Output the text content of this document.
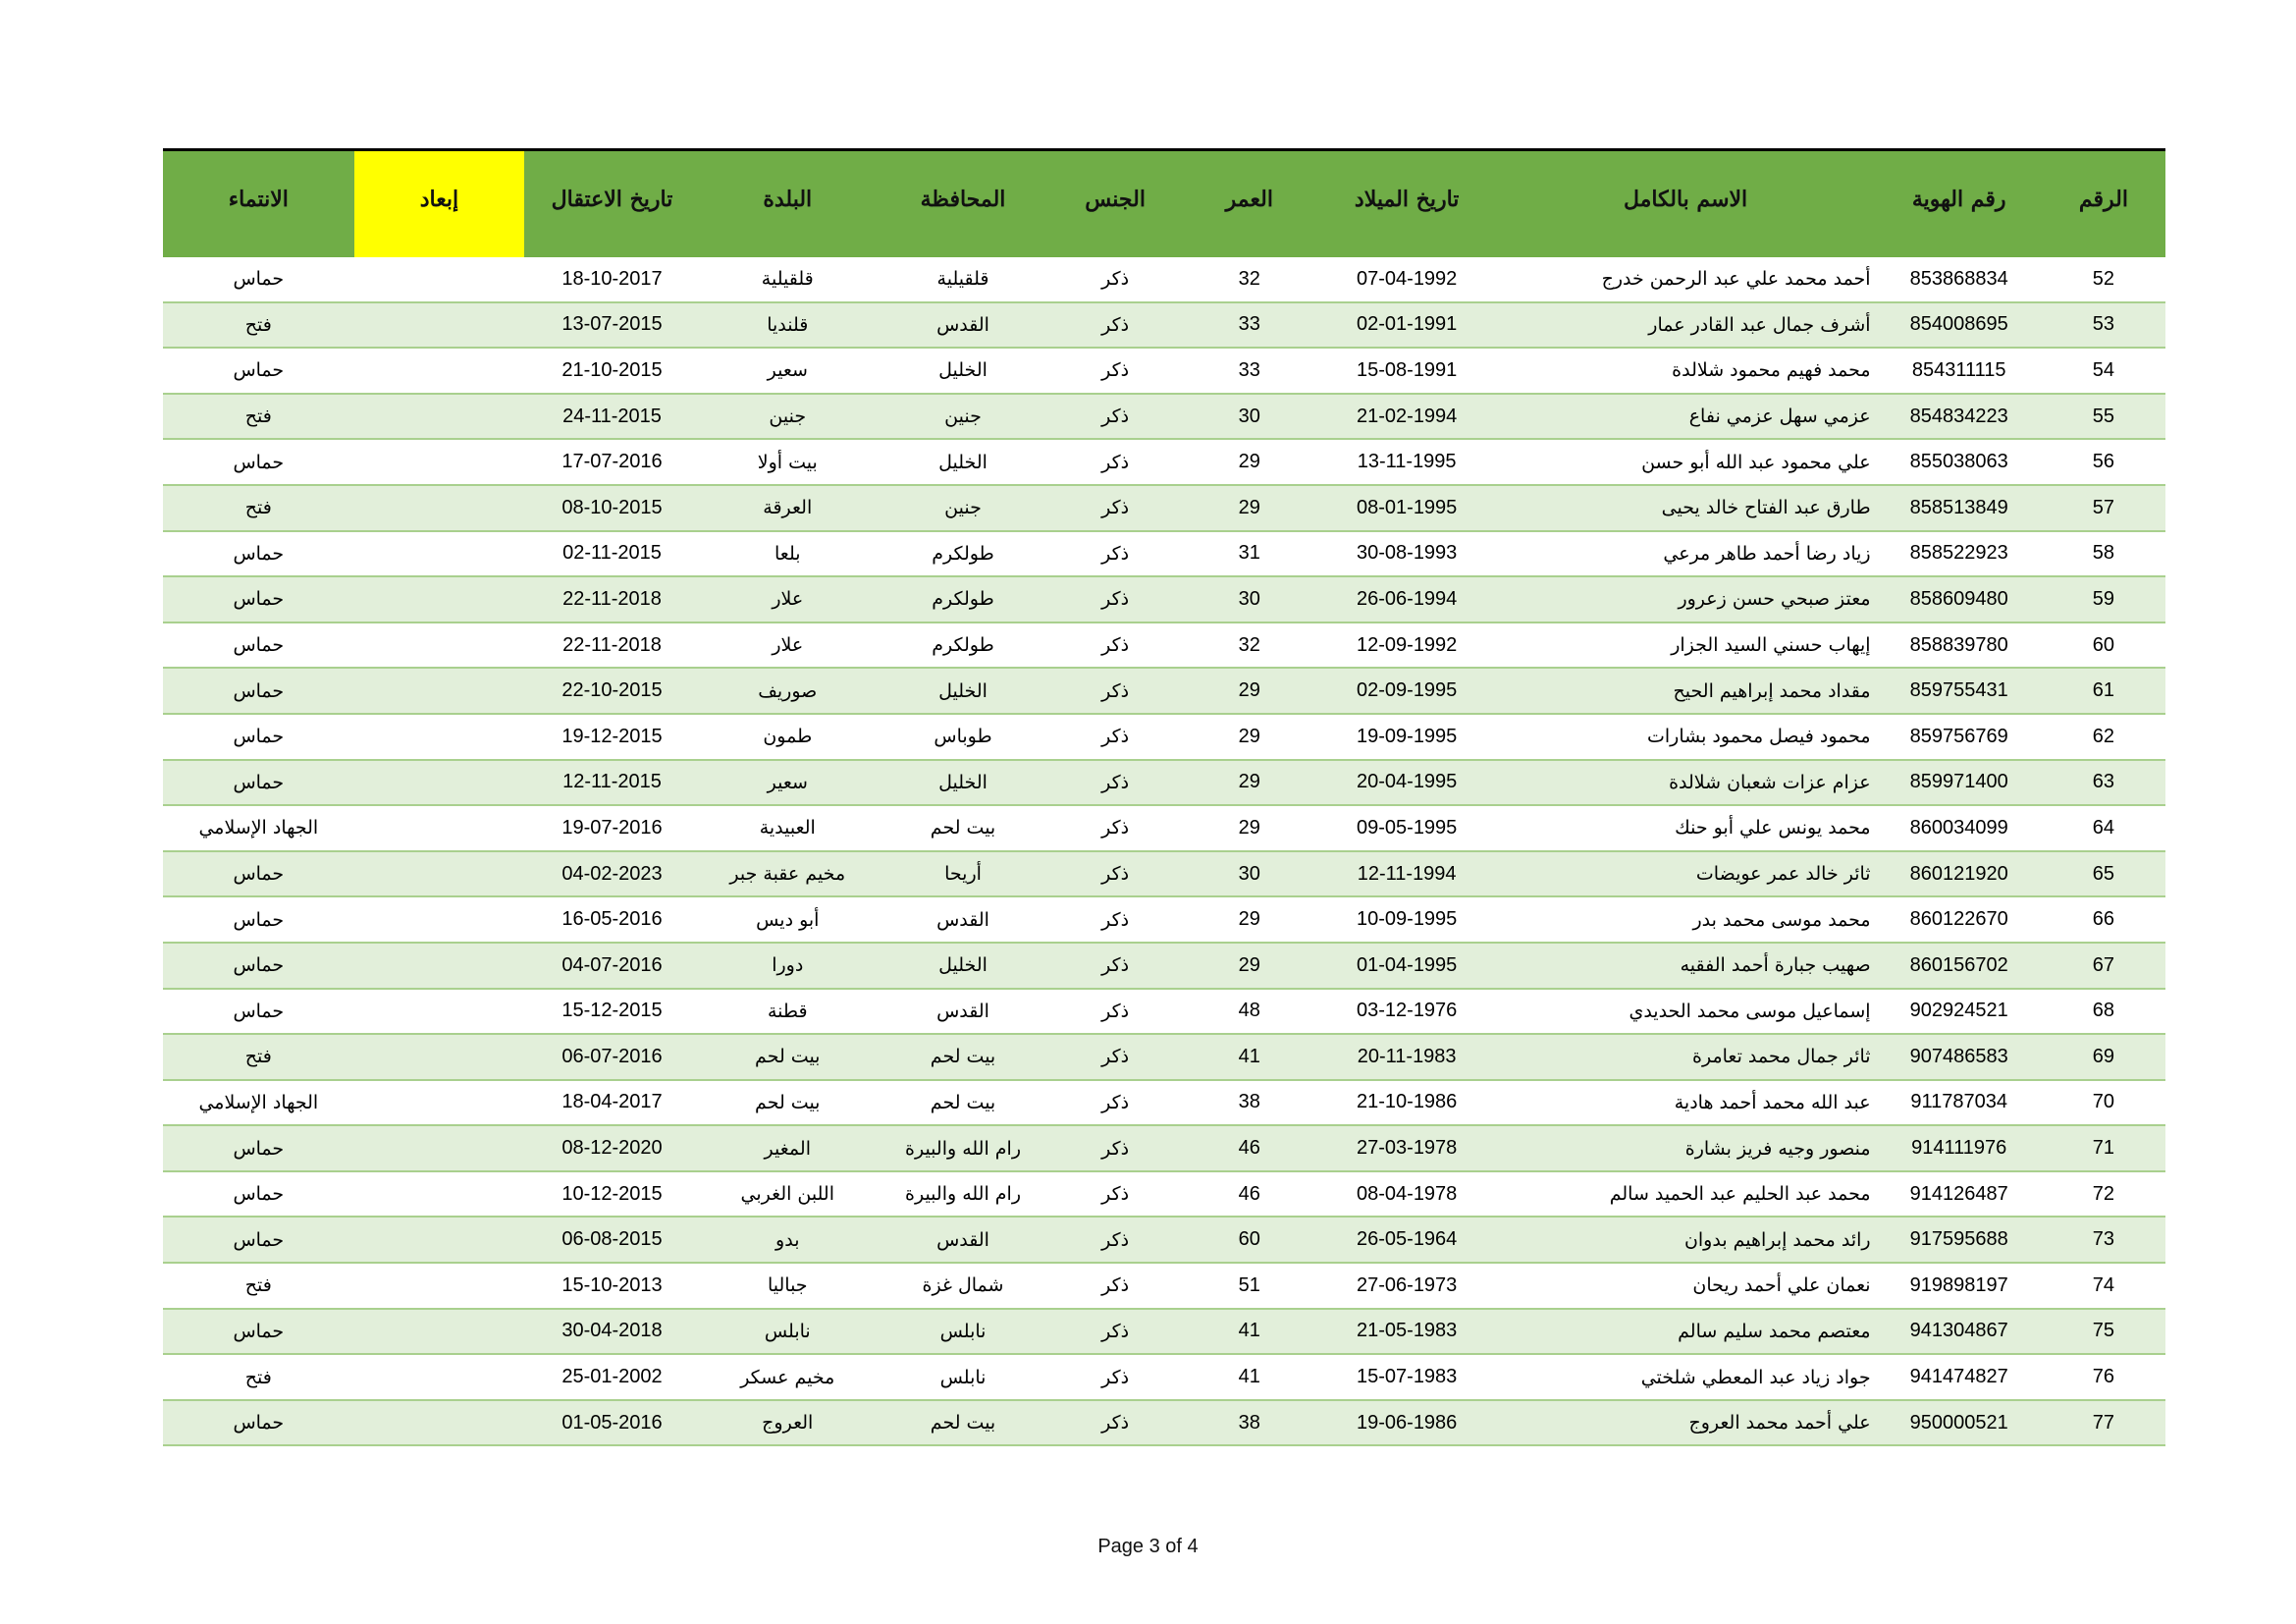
الرقم	رقم الهوية	الاسم بالكامل	تاريخ الميلاد	العمر	الجنس	المحافظة	البلدة	تاريخ الاعتقال	إبعاد	الانتماء
52	853868834	أحمد محمد علي عبد الرحمن خدرج	07-04-1992	32	ذكر	قلقيلية	قلقيلية	18-10-2017		حماس
53	854008695	أشرف جمال عبد القادر عمار	02-01-1991	33	ذكر	القدس	قلنديا	13-07-2015		فتح
54	854311115	محمد فهيم محمود شلالدة	15-08-1991	33	ذكر	الخليل	سعير	21-10-2015		حماس
55	854834223	عزمي سهل عزمي نفاع	21-02-1994	30	ذكر	جنين	جنين	24-11-2015		فتح
56	855038063	علي محمود عبد الله أبو حسن	13-11-1995	29	ذكر	الخليل	بيت أولا	17-07-2016		حماس
57	858513849	طارق عبد الفتاح خالد يحيى	08-01-1995	29	ذكر	جنين	العرقة	08-10-2015		فتح
58	858522923	زياد رضا أحمد طاهر مرعي	30-08-1993	31	ذكر	طولكرم	بلعا	02-11-2015		حماس
59	858609480	معتز صبحي حسن زعرور	26-06-1994	30	ذكر	طولكرم	علار	22-11-2018		حماس
60	858839780	إيهاب حسني السيد الجزار	12-09-1992	32	ذكر	طولكرم	علار	22-11-2018		حماس
61	859755431	مقداد محمد إبراهيم الحيح	02-09-1995	29	ذكر	الخليل	صوريف	22-10-2015		حماس
62	859756769	محمود فيصل محمود بشارات	19-09-1995	29	ذكر	طوباس	طمون	19-12-2015		حماس
63	859971400	عزام عزات شعبان شلالدة	20-04-1995	29	ذكر	الخليل	سعير	12-11-2015		حماس
64	860034099	محمد يونس علي أبو حنك	09-05-1995	29	ذكر	بيت لحم	العبيدية	19-07-2016		الجهاد الإسلامي
65	860121920	ثائر خالد عمر عويضات	12-11-1994	30	ذكر	أريحا	مخيم عقبة جبر	04-02-2023		حماس
66	860122670	محمد موسى محمد بدر	10-09-1995	29	ذكر	القدس	أبو ديس	16-05-2016		حماس
67	860156702	صهيب جبارة أحمد الفقيه	01-04-1995	29	ذكر	الخليل	دورا	04-07-2016		حماس
68	902924521	إسماعيل موسى محمد الحديدي	03-12-1976	48	ذكر	القدس	قطنة	15-12-2015		حماس
69	907486583	ثائر جمال محمد تعامرة	20-11-1983	41	ذكر	بيت لحم	بيت لحم	06-07-2016		فتح
70	911787034	عبد الله محمد أحمد هادية	21-10-1986	38	ذكر	بيت لحم	بيت لحم	18-04-2017		الجهاد الإسلامي
71	914111976	منصور وجيه فريز بشارة	27-03-1978	46	ذكر	رام الله والبيرة	المغير	08-12-2020		حماس
72	914126487	محمد عبد الحليم عبد الحميد سالم	08-04-1978	46	ذكر	رام الله والبيرة	اللبن الغربي	10-12-2015		حماس
73	917595688	رائد محمد إبراهيم بدوان	26-05-1964	60	ذكر	القدس	بدو	06-08-2015		حماس
74	919898197	نعمان علي أحمد ريحان	27-06-1973	51	ذكر	شمال غزة	جباليا	15-10-2013		فتح
75	941304867	معتصم محمد سليم سالم	21-05-1983	41	ذكر	نابلس	نابلس	30-04-2018		حماس
76	941474827	جواد زياد عبد المعطي شلختي	15-07-1983	41	ذكر	نابلس	مخيم عسكر	25-01-2002		فتح
77	950000521	علي أحمد محمد العروج	19-06-1986	38	ذكر	بيت لحم	العروج	01-05-2016		حماس
Page 3 of 4
